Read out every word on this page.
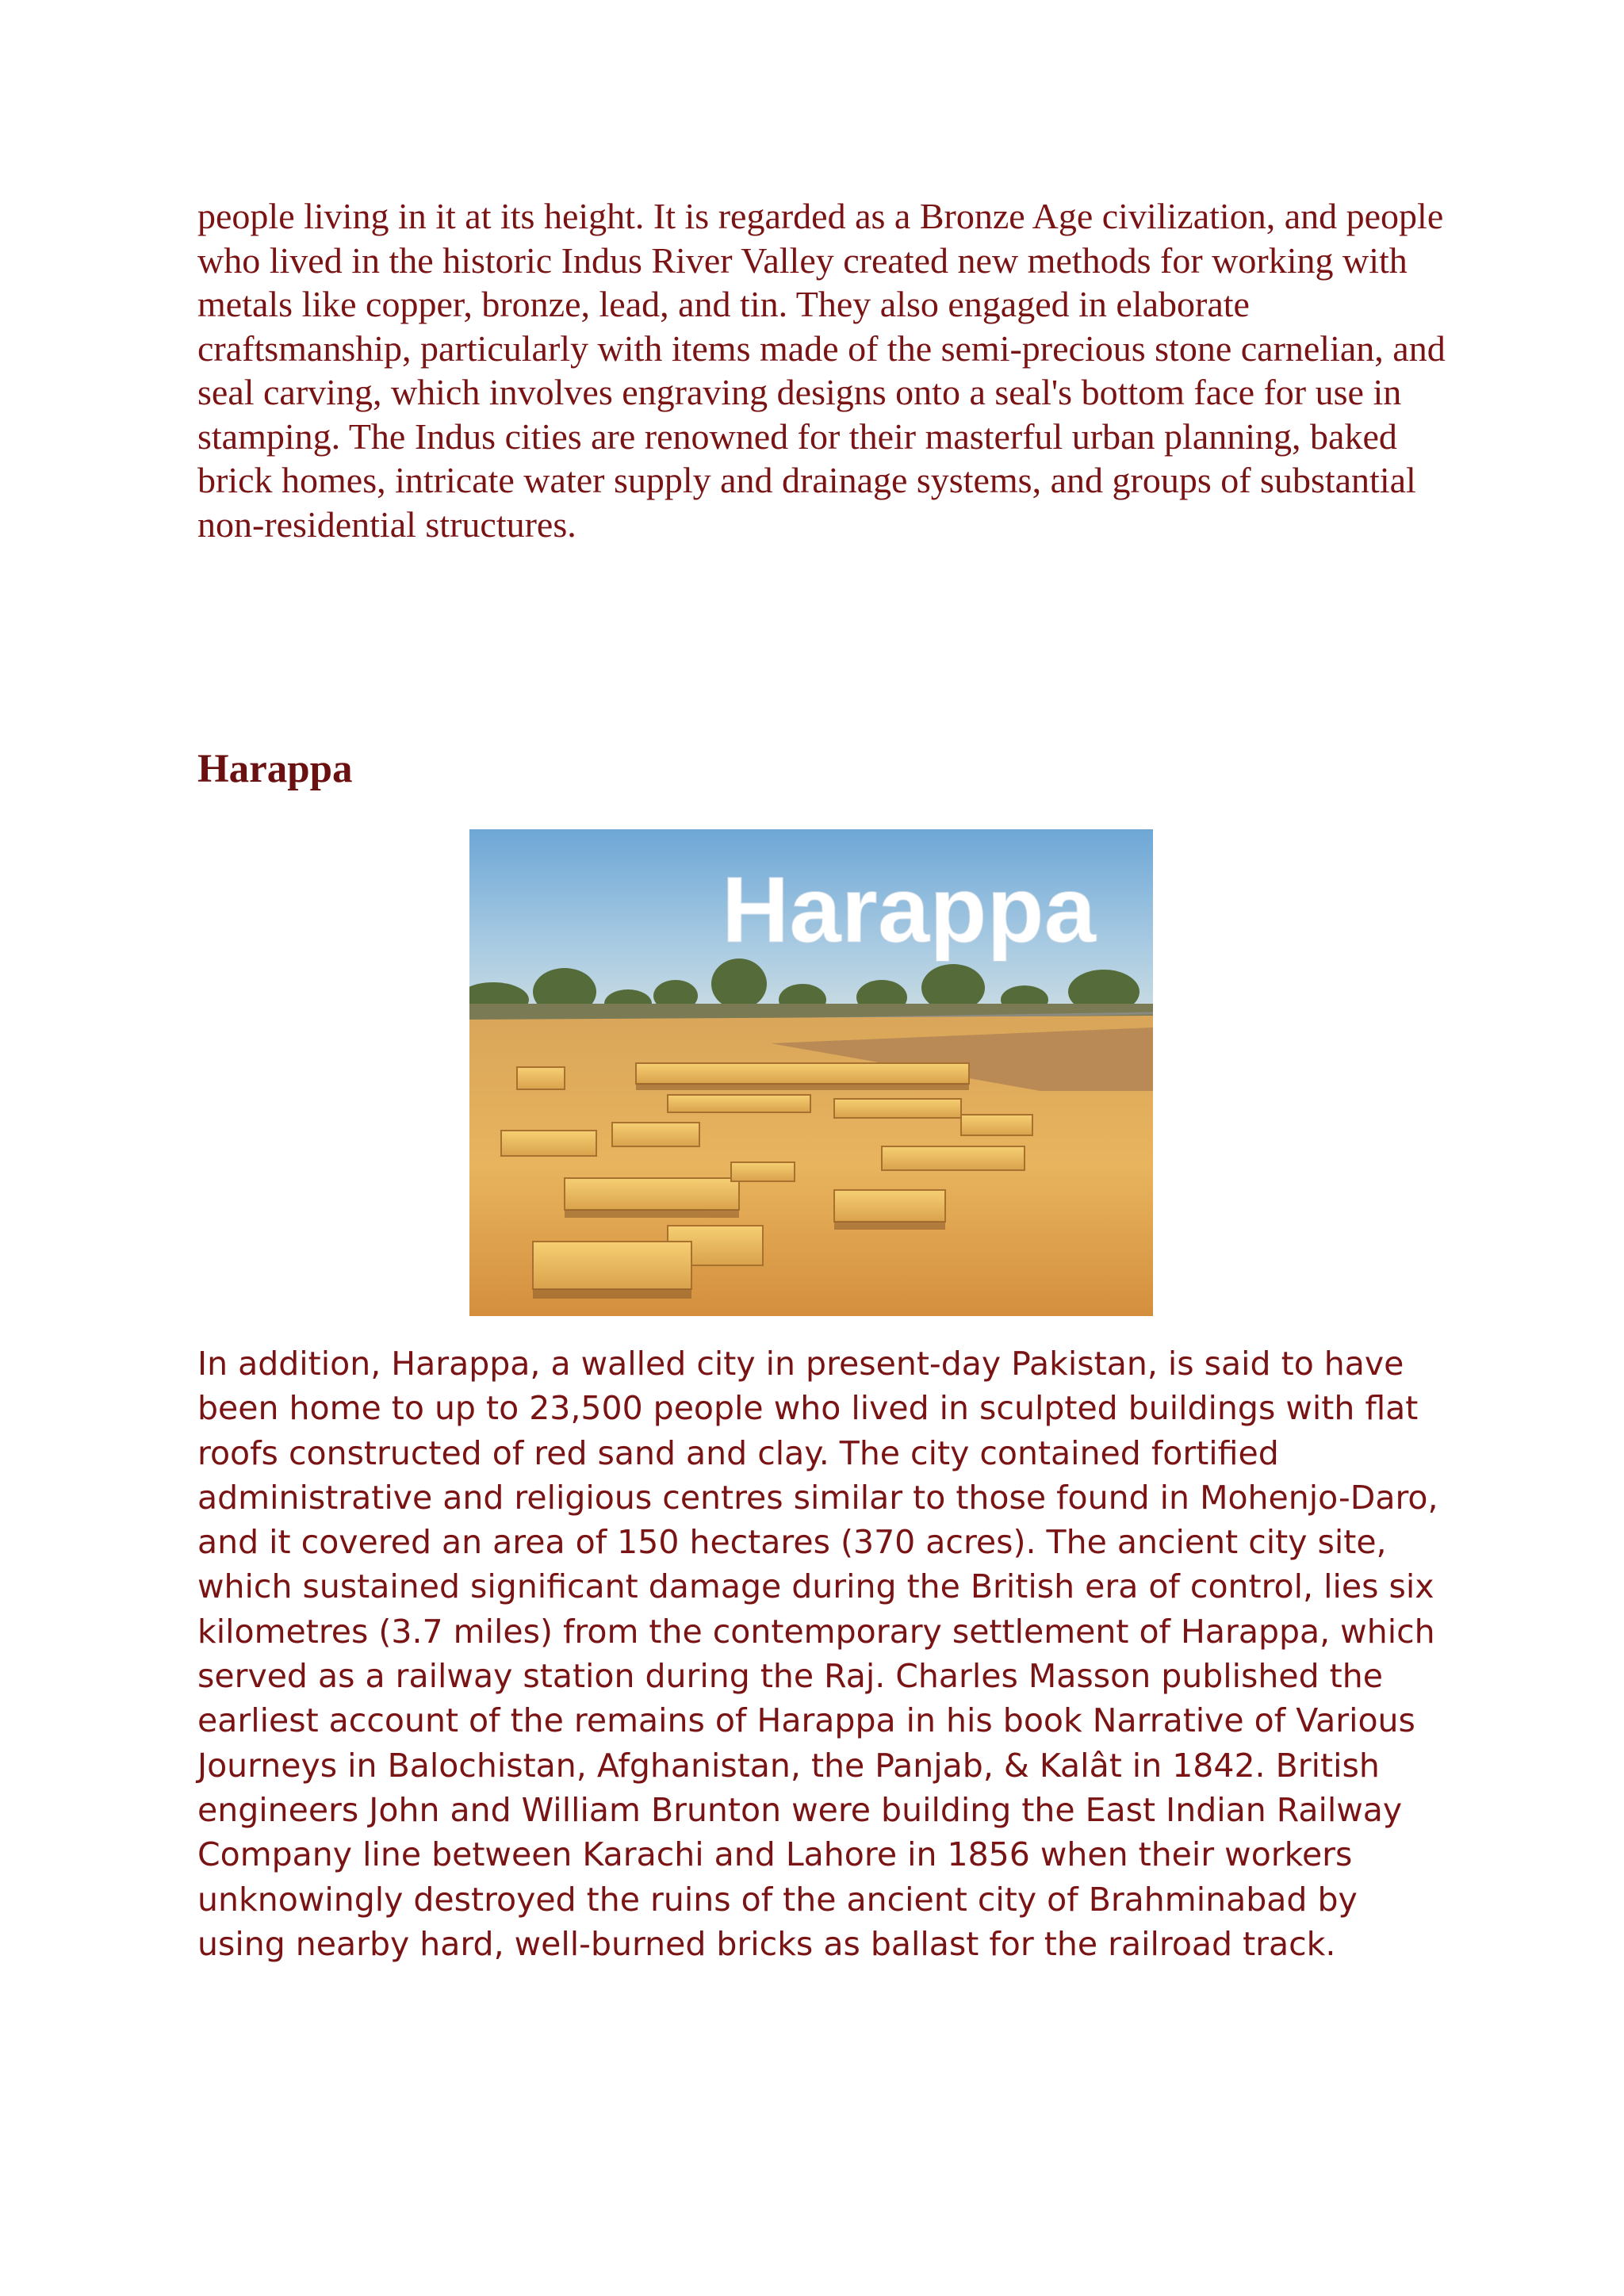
people living in it at its height. It is regarded as a Bronze Age civilization, and people who lived in the historic Indus River Valley created new methods for working with metals like copper, bronze, lead, and tin. They also engaged in elaborate craftsmanship, particularly with items made of the semi-precious stone carnelian, and seal carving, which involves engraving designs onto a seal's bottom face for use in stamping. The Indus cities are renowned for their masterful urban planning, baked brick homes, intricate water supply and drainage systems, and groups of substantial non-residential structures.

Harappa
Harappa

In addition, Harappa, a walled city in present-day Pakistan, is said to have been home to up to 23,500 people who lived in sculpted buildings with flat roofs constructed of red sand and clay. The city contained fortified administrative and religious centres similar to those found in Mohenjo-Daro, and it covered an area of 150 hectares (370 acres). The ancient city site, which sustained significant damage during the British era of control, lies six kilometres (3.7 miles) from the contemporary settlement of Harappa, which served as a railway station during the Raj. Charles Masson published the earliest account of the remains of Harappa in his book Narrative of Various Journeys in Balochistan, Afghanistan, the Panjab, & Kalât in 1842. British engineers John and William Brunton were building the East Indian Railway Company line between Karachi and Lahore in 1856 when their workers unknowingly destroyed the ruins of the ancient city of Brahminabad by using nearby hard, well-burned bricks as ballast for the railroad track.
